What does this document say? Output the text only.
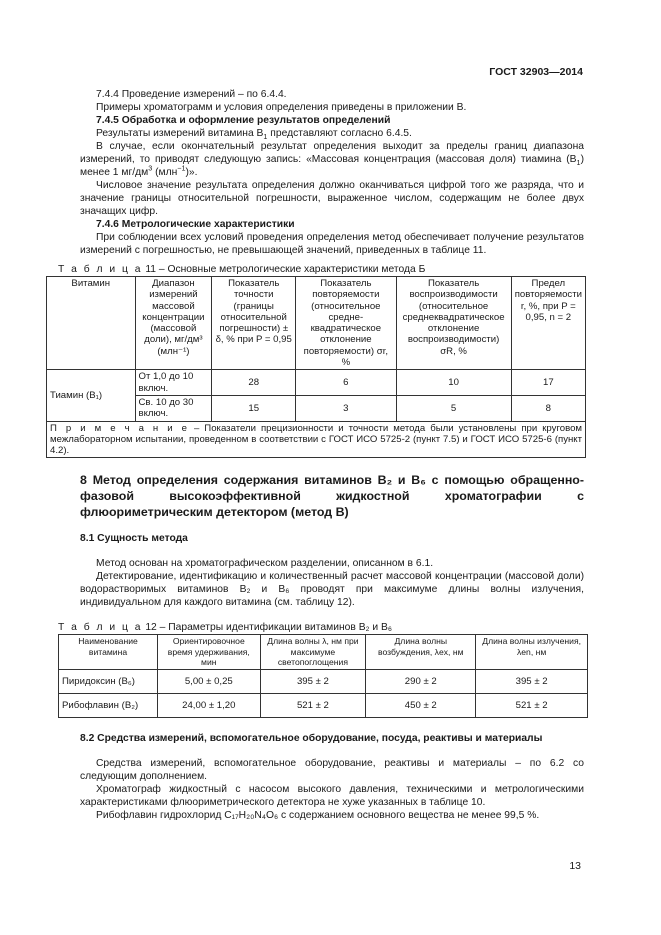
ГОСТ 32903—2014

7.4.4 Проведение измерений – по 6.4.4.

Примеры хроматограмм и условия определения приведены в приложении В.

7.4.5 Обработка и оформление результатов определений

Результаты измерений витамина $В_1$ представляют согласно 6.4.5.

В случае, если окончательный результат определения выходит за пределы границ диапазона измерений, то приводят следующую запись: «Массовая концентрация (массовая доля) тиамина $(В_1)$ менее 1 $мг/дм^3$ (млн$^{-1}$)».

Числовое значение результата определения должно оканчиваться цифрой того же разряда, что и значение границы относительной погрешности, выраженное числом, содержащим не более двух значащих цифр.

7.4.6 Метрологические характеристики

При соблюдении всех условий проведения определения метод обеспечивает получение результатов измерений с погрешностью, не превышающей значений, приведенных в таблице 11.

Т а б л и ц а 11 – Основные метрологические характеристики метода Б

Витамин	Диапазон измерений массовой концентрации (массовой доли), мг/дм³ (млн⁻¹)	Показатель точности (границы относительной погрешности) ± δ, % при P = 0,95	Показатель повторяемости (относительное средне-квадратическое отклонение повторяемости) σr, %	Показатель воспроизводимости (относительное среднеквадратическое отклонение воспроизводимости) σR, %	Предел повторяемости r, %, при P = 0,95, n = 2
Тиамин (В₁)	От 1,0 до 10 включ.	28	6	10	17
	Св. 10 до 30 включ.	15	3	5	8
П р и м е ч а н и е – Показатели прецизионности и точности метода были установлены при круговом межлабораторном испытании, проведенном в соответствии с ГОСТ ИСО 5725-2 (пункт 7.5) и ГОСТ ИСО 5725-6 (пункт 4.2).					
8 Метод определения содержания витаминов В₂ и В₆ с помощью обращенно-фазовой высокоэффективной жидкостной хроматографии с флюориметрическим детектором (метод В)
8.1 Сущность метода

Метод основан на хроматографическом разделении, описанном в 6.1.

Детектирование, идентификацию и количественный расчет массовой концентрации (массовой доли) водорастворимых витаминов В₂ и В₆ проводят при максимуме длины волны излучения, индивидуальном для каждого витамина (см. таблицу 12).

Т а б л и ц а 12 – Параметры идентификации витаминов В₂ и В₆

Наименование витамина	Ориентировочное время удерживания, мин	Длина волны λ, нм при максимуме светопоглощения	Длина волны возбуждения, λex, нм	Длина волны излучения, λen, нм
Пиридоксин (В₆)	5,00 ± 0,25	395 ± 2	290 ± 2	395 ± 2
Рибофлавин (В₂)	24,00 ± 1,20	521 ± 2	450 ± 2	521 ± 2
8.2 Средства измерений, вспомогательное оборудование, посуда, реактивы и материалы

Средства измерений, вспомогательное оборудование, реактивы и материалы – по 6.2 со следующим дополнением.

Хроматограф жидкостный с насосом высокого давления, техническими и метрологическими характеристиками флюориметрического детектора не хуже указанных в таблице 10.

Рибофлавин гидрохлорид C₁₇H₂₀N₄O₆ с содержанием основного вещества не менее 99,5 %.

13
